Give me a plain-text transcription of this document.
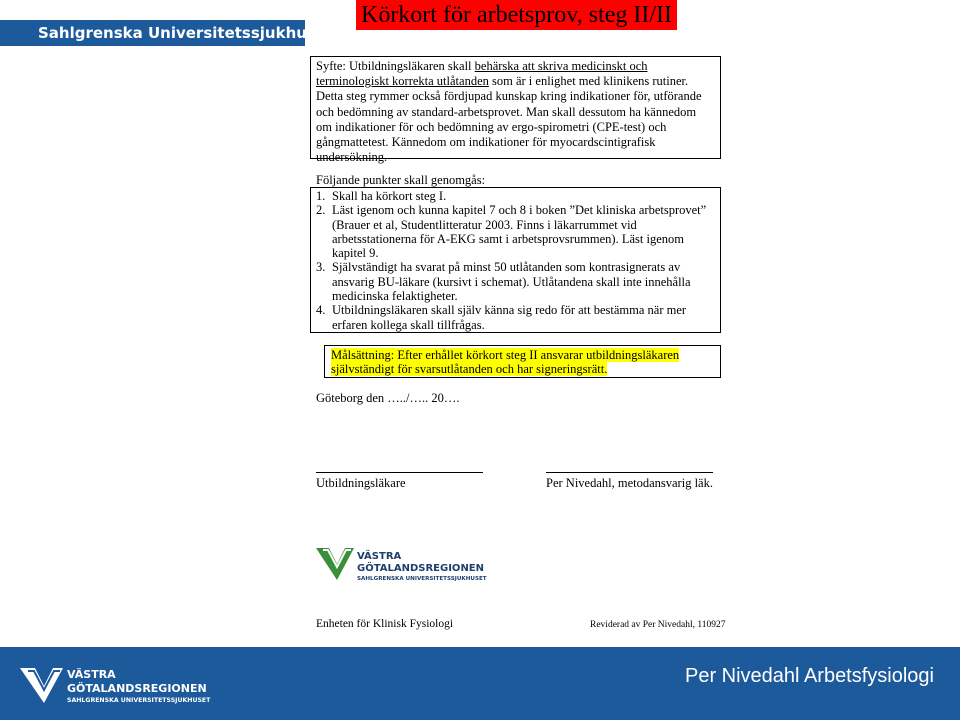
Sahlgrenska Universitetssjukhuset
Körkort för arbetsprov, steg II/II
Syfte: Utbildningsläkaren skall behärska att skriva medicinskt och terminologiskt korrekta utlåtanden som är i enlighet med klinikens rutiner. Detta steg rymmer också fördjupad kunskap kring indikationer för, utförande och bedömning av standard-arbetsprovet. Man skall dessutom ha kännedom om indikationer för och bedömning av ergo-spirometri (CPE-test) och gångmattetest. Kännedom om indikationer för myocardscintigrafisk undersökning.
Följande punkter skall genomgås:
1. Skall ha körkort steg I.
2. Läst igenom och kunna kapitel 7 och 8 i boken ”Det kliniska arbetsprovet” (Brauer et al, Studentlitteratur 2003. Finns i läkarrummet vid arbetsstationerna för A-EKG samt i arbetsprovsrummen). Läst igenom kapitel 9.
3. Självständigt ha svarat på minst 50 utlåtanden som kontrasignerats av ansvarig BU-läkare (kursivt i schemat). Utlåtandena skall inte innehålla medicinska felaktigheter.
4. Utbildningsläkaren skall själv känna sig redo för att bestämma när mer erfaren kollega skall tillfrågas.
Målsättning: Efter erhållet körkort steg II ansvarar utbildningsläkaren
självständigt för svarsutlåtanden och har signeringsrätt.
Göteborg den …../….. 20….
Utbildningsläkare	Per Nivedahl, metodansvarig läk.
VÄSTRA
GÖTALANDSREGIONEN
SAHLGRENSKA UNIVERSITETSSJUKHUSET
Enheten för Klinisk Fysiologi	Reviderad av Per Nivedahl, 110927
VÄSTRA
GÖTALANDSREGIONEN
SAHLGRENSKA UNIVERSITETSSJUKHUSET
Per Nivedahl Arbetsfysiologi
